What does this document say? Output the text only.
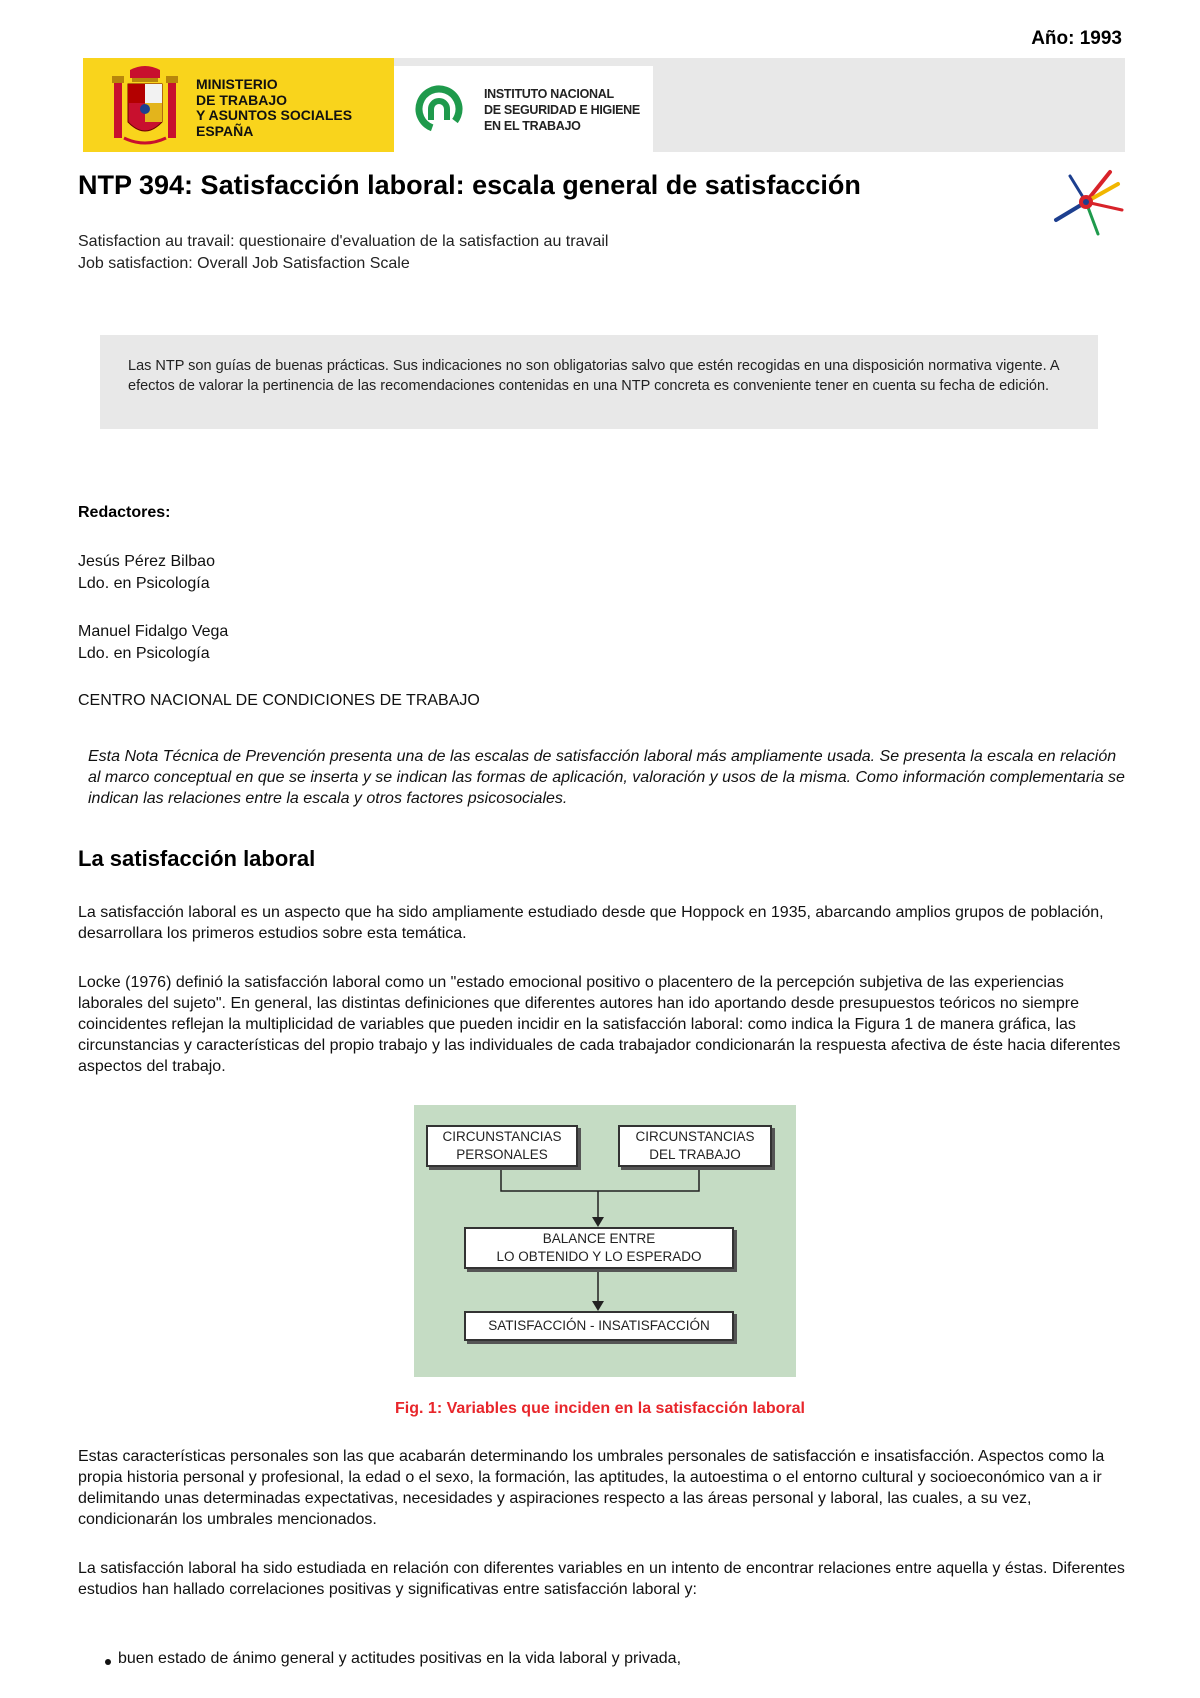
Año: 1993
MINISTERIO
DE TRABAJO
Y ASUNTOS SOCIALES
ESPAÑA
INSTITUTO NACIONAL
DE SEGURIDAD E HIGIENE
EN EL TRABAJO
NTP 394: Satisfacción laboral: escala general de satisfacción
Satisfaction au travail: questionaire d'evaluation de la satisfaction au travail
Job satisfaction: Overall Job Satisfaction Scale
Las NTP son guías de buenas prácticas. Sus indicaciones no son obligatorias salvo que estén recogidas en una disposición normativa vigente. A efectos de valorar la pertinencia de las recomendaciones contenidas en una NTP concreta es conveniente tener en cuenta su fecha de edición.
Redactores:
Jesús Pérez Bilbao
Ldo. en Psicología
Manuel Fidalgo Vega
Ldo. en Psicología
CENTRO NACIONAL DE CONDICIONES DE TRABAJO
Esta Nota Técnica de Prevención presenta una de las escalas de satisfacción laboral más ampliamente usada. Se presenta la escala en relación al marco conceptual en que se inserta y se indican las formas de aplicación, valoración y usos de la misma. Como información complementaria se indican las relaciones entre la escala y otros factores psicosociales.
La satisfacción laboral
La satisfacción laboral es un aspecto que ha sido ampliamente estudiado desde que Hoppock en 1935, abarcando amplios grupos de población, desarrollara los primeros estudios sobre esta temática.
Locke (1976) definió la satisfacción laboral como un "estado emocional positivo o placentero de la percepción subjetiva de las experiencias laborales del sujeto". En general, las distintas definiciones que diferentes autores han ido aportando desde presupuestos teóricos no siempre coincidentes reflejan la multiplicidad de variables que pueden incidir en la satisfacción laboral: como indica la Figura 1 de manera gráfica, las circunstancias y características del propio trabajo y las individuales de cada trabajador condicionarán la respuesta afectiva de éste hacia diferentes aspectos del trabajo.
CIRCUNSTANCIAS
PERSONALES
CIRCUNSTANCIAS
DEL TRABAJO
BALANCE ENTRE
LO OBTENIDO Y LO ESPERADO
SATISFACCIÓN - INSATISFACCIÓN
Fig. 1: Variables que inciden en la satisfacción laboral
Estas características personales son las que acabarán determinando los umbrales personales de satisfacción e insatisfacción. Aspectos como la propia historia personal y profesional, la edad o el sexo, la formación, las aptitudes, la autoestima o el entorno cultural y socioeconómico van a ir delimitando unas determinadas expectativas, necesidades y aspiraciones respecto a las áreas personal y laboral, las cuales, a su vez, condicionarán los umbrales mencionados.
La satisfacción laboral ha sido estudiada en relación con diferentes variables en un intento de encontrar relaciones entre aquella y éstas. Diferentes estudios han hallado correlaciones positivas y significativas entre satisfacción laboral y:
buen estado de ánimo general y actitudes positivas en la vida laboral y privada,
